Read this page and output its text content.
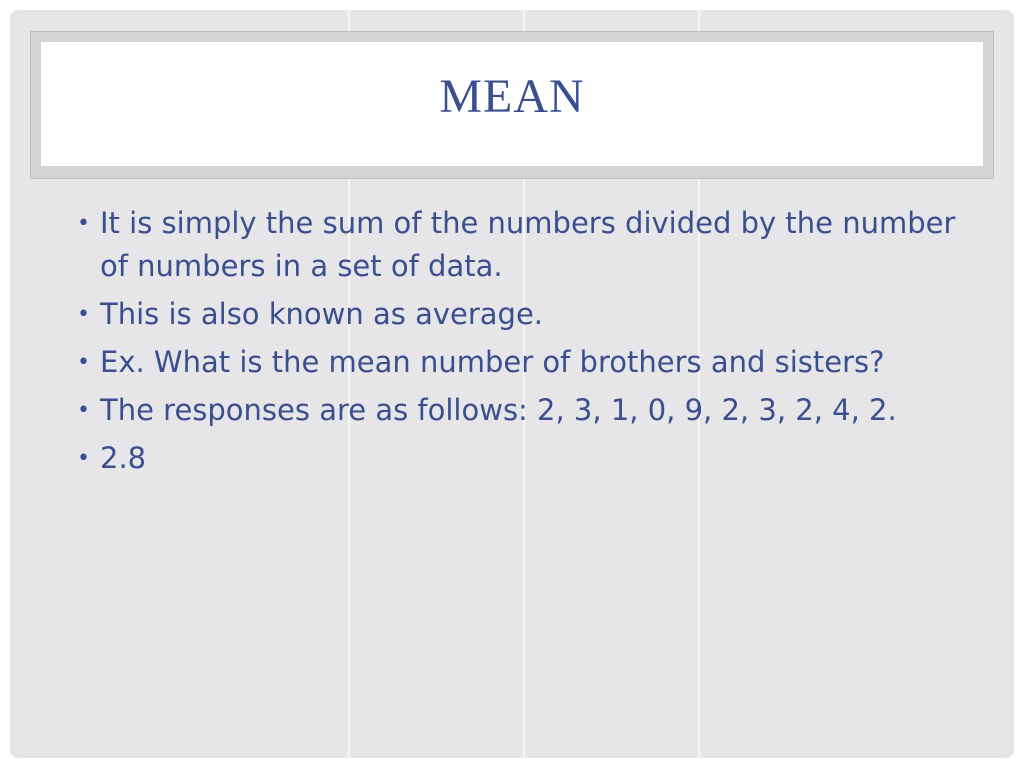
MEAN
• It is simply the sum of the numbers divided by the number of numbers in a set of data.
• This is also known as average.
• Ex. What is the mean number of brothers and sisters?
• The responses are as follows: 2, 3, 1, 0, 9, 2, 3, 2, 4, 2.
• 2.8
